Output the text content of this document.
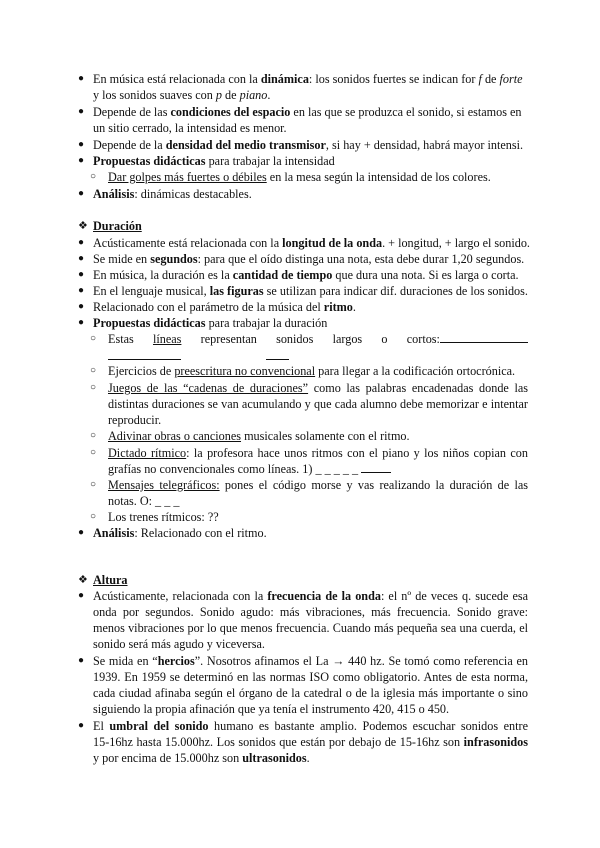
● En música está relacionada con la dinámica: los sonidos fuertes se indican for f de forte
y los sonidos suaves con p de piano.
● Depende de las condiciones del espacio en las que se produzca el sonido, si estamos en
un sitio cerrado, la intensidad es menor.
● Depende de la densidad del medio transmisor, si hay + densidad, habrá mayor intensi.
● Propuestas didácticas para trabajar la intensidad
○ Dar golpes más fuertes o débiles en la mesa según la intensidad de los colores.
● Análisis: dinámicas destacables.
❖ Duración
● Acústicamente está relacionada con la longitud de la onda. + longitud, + largo el sonido.
● Se mide en segundos: para que el oído distinga una nota, esta debe durar 1,20 segundos.
● En música, la duración es la cantidad de tiempo que dura una nota. Si es larga o corta.
● En el lenguaje musical, las figuras se utilizan para indicar dif. duraciones de los sonidos.
● Relacionado con el parámetro de la música del ritmo.
● Propuestas didácticas para trabajar la duración
○ Estas líneas representan sonidos largos o cortos:
○ Ejercicios de preescritura no convencional para llegar a la codificación ortocrónica.
○ Juegos de las “cadenas de duraciones” como las palabras encadenadas donde las
distintas duraciones se van acumulando y que cada alumno debe memorizar e intentar
reproducir.
○ Adivinar obras o canciones musicales solamente con el ritmo.
○ Dictado rítmico: la profesora hace unos ritmos con el piano y los niños copian con
grafías no convencionales como líneas. 1) _ _ _ _ _
○ Mensajes telegráficos: pones el código morse y vas realizando la duración de las
notas. O: _ _ _
○ Los trenes rítmicos: ??
● Análisis: Relacionado con el ritmo.
❖ Altura
● Acústicamente, relacionada con la frecuencia de la onda: el nº de veces q. sucede esa
onda por segundos. Sonido agudo: más vibraciones, más frecuencia. Sonido grave:
menos vibraciones por lo que menos frecuencia. Cuando más pequeña sea una cuerda, el
sonido será más agudo y viceversa.
● Se mida en “hercios”. Nosotros afinamos el La → 440 hz. Se tomó como referencia en
1939. En 1959 se determinó en las normas ISO como obligatorio. Antes de esta norma,
cada ciudad afinaba según el órgano de la catedral o de la iglesia más importante o sino
siguiendo la propia afinación que ya tenía el instrumento 420, 415 o 450.
● El umbral del sonido humano es bastante amplio. Podemos escuchar sonidos entre
15-16hz hasta 15.000hz. Los sonidos que están por debajo de 15-16hz son infrasonidos
y por encima de 15.000hz son ultrasonidos.
